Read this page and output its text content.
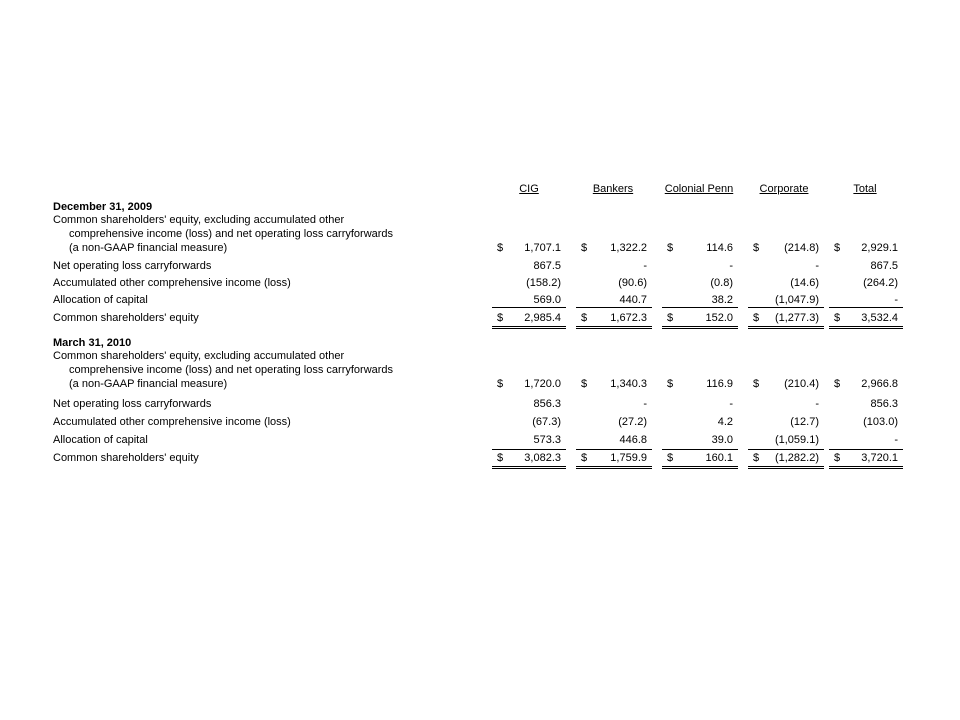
CIG	Bankers	Colonial Penn	Corporate	Total
December 31, 2009
Common shareholders' equity, excluding accumulated other
comprehensive income (loss) and net operating loss carryforwards
(a non-GAAP financial measure)	$	1,707.1 $	1,322.2 $	114.6 $	(214.8) $	2,929.1
Net operating loss carryforwards	867.5	-	-	-	867.5
Accumulated other comprehensive income (loss)	(158.2)	(90.6)	(0.8)	(14.6)	(264.2)
Allocation of capital	569.0	440.7	38.2	(1,047.9)	-
Common shareholders' equity	$	2,985.4 $	1,672.3 $	152.0 $	(1,277.3) $	3,532.4
March 31, 2010
Common shareholders' equity, excluding accumulated other
comprehensive income (loss) and net operating loss carryforwards
(a non-GAAP financial measure)	$	1,720.0 $	1,340.3 $	116.9 $	(210.4) $	2,966.8
Net operating loss carryforwards	856.3	-	-	-	856.3
Accumulated other comprehensive income (loss)	(67.3)	(27.2)	4.2	(12.7)	(103.0)
Allocation of capital	573.3	446.8	39.0	(1,059.1)	-
Common shareholders' equity	$	3,082.3 $	1,759.9 $	160.1 $	(1,282.2) $	3,720.1
